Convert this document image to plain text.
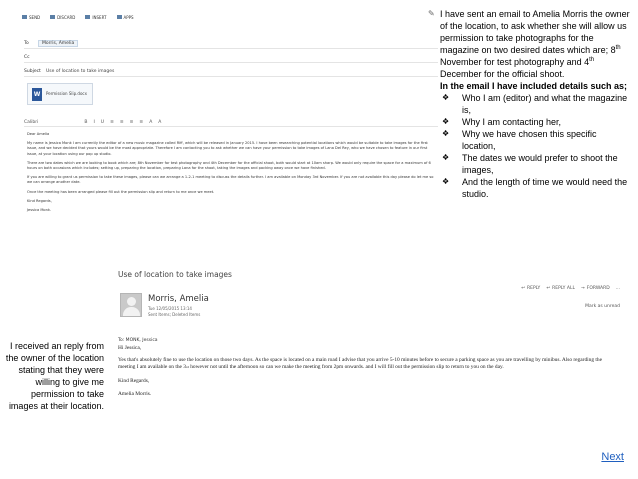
SEND	DISCARD	INSERT	APPS
To	Morris, Amelia
Cc
Subject	Use of location to take images
W	Permission Slip.docx
Calibri	B I U ≡ ≡ ≡ ≡ A A

Dear Amelia

My name is Jessica Monk I am currently the editor of a new music magazine called Riff, which will be released in January 2015. I have been researching potential locations which would be suitable to take images for the first issue, and we have decided that yours would be the most appropriate. Therefore I am contacting you to ask whether we can have your permission to take images of Lana Del Rey, who we have chosen to feature in our first issue, at your location using our pop up studio.

There are two dates which we are looking to book which are; 8th November for test photography and 4th December for the official shoot, both would start at 10am sharp. We would only require the space for a maximum of 6 hours on both occasions which includes; setting up, preparing the location, preparing Lana for the shoot, taking the images and packing away once we have finished.

If you are willing to grant us permission to take these images, please can we arrange a 1-2-1 meeting to discuss the details further. I am available on Monday 3rd November. If you are not available this day please do let me so we can arrange another date.

Once the meeting has been arranged please fill out the permission slip and return to me once we meet.

Kind Regards,

Jessica Monk.

✎ I have sent an email to Amelia Morris the owner of the location, to ask whether she will allow us permission to take photographs for the magazine on two desired dates which are; 8th November for test photography and 4th December for the official shoot.
In the email I have included details such as;
❖ Who I am (editor) and what the magazine is,
❖ Why I am contacting her,
❖ Why we have chosen this specific location,
❖ The dates we would prefer to shoot the images,
❖ And the length of time we would need the studio.
Use of location to take images
↩ REPLY ↩ REPLY ALL → FORWARD ...
Mark as unread
Morris, Amelia
Tue 12/05/2015 13:14
Sent Items; Deleted Items
To: MONK, Jessica

Hi Jessica,

Yes that's absolutely fine to use the location on those two days. As the space is located on a main road I advise that you arrive 5-10 minutes before to secure a parking space as you are travelling by minibus. Also regarding the meeting I am available on the 3rd however not until the afternoon so can we make the meeting from 2pm onwards. and I will fill out the permission slip to return to you on the day.

Kind Regards,

Amelia Morris.

I received an reply from the owner of the location stating that they were willing to give me permission to take images at their location.
Next
